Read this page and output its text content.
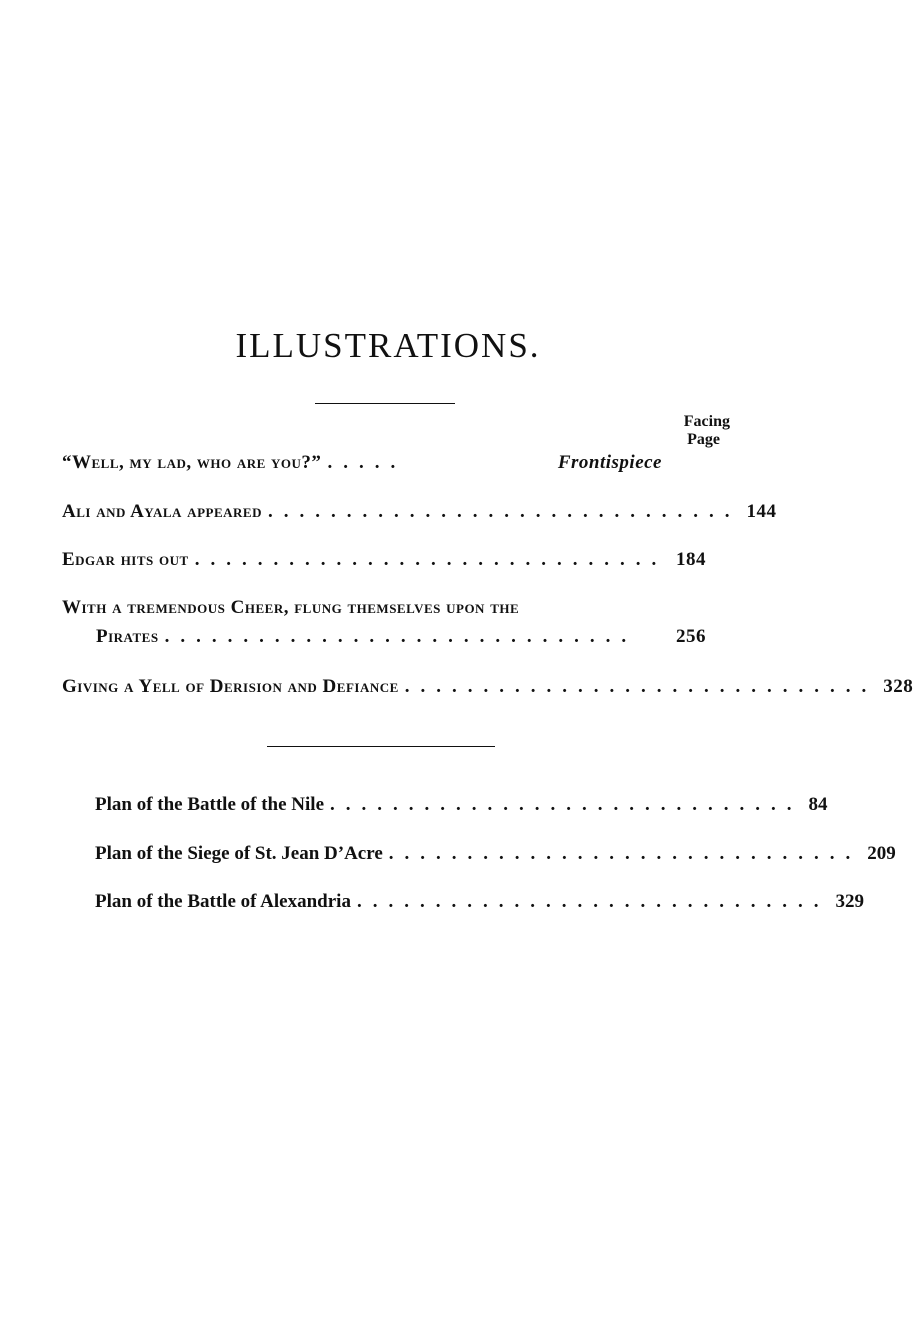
ILLUSTRATIONS.
Facing
Page
“Well, my lad, who are you?” .....	Frontispiece
Ali and Ayala appeared .............................. 144
Edgar hits out .............................. 184
With a tremendous Cheer, flung themselves upon the
Pirates ..............................	256
Giving a Yell of Derision and Defiance .............................. 328
Plan of the Battle of the Nile .............................. 84
Plan of the Siege of St. Jean D’Acre .............................. 209
Plan of the Battle of Alexandria .............................. 329
